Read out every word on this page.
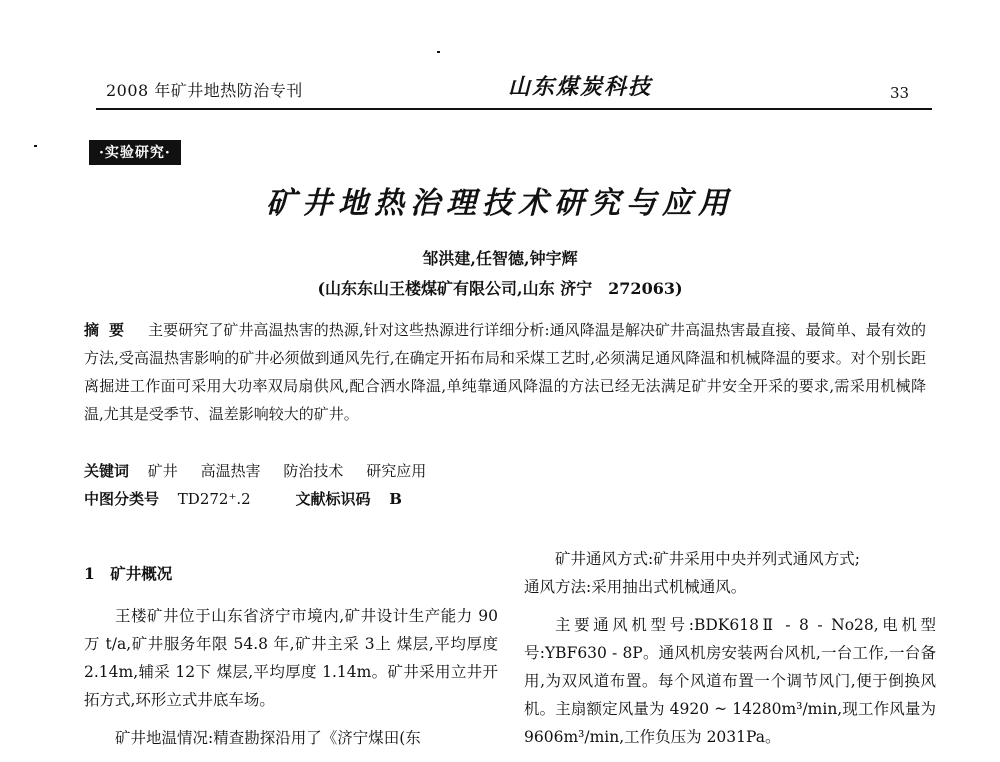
2008 年矿井地热防治专刊	山东煤炭科技	33
·实验研究·
矿井地热治理技术研究与应用
邹洪建,任智德,钟宇辉
(山东东山王楼煤矿有限公司,山东 济宁　272063)
摘要 主要研究了矿井高温热害的热源,针对这些热源进行详细分析:通风降温是解决矿井高温热害最直接、最简单、最有效的方法,受高温热害影响的矿井必须做到通风先行,在确定开拓布局和采煤工艺时,必须满足通风降温和机械降温的要求。对个别长距离掘进工作面可采用大功率双局扇供风,配合洒水降温,单纯靠通风降温的方法已经无法满足矿井安全开采的要求,需采用机械降温,尤其是受季节、温差影响较大的矿井。
关键词 矿井 高温热害 防治技术 研究应用
中图分类号 TD272⁺.2	文献标识码 B
1　矿井概况

王楼矿井位于山东省济宁市境内,矿井设计生产能力 90 万 t/a,矿井服务年限 54.8 年,矿井主采 3上 煤层,平均厚度 2.14m,辅采 12下 煤层,平均厚度 1.14m。矿井采用立井开拓方式,环形立式井底车场。

矿井地温情况:精查勘探沿用了《济宁煤田(东

矿井通风方式:矿井采用中央并列式通风方式;

通风方法:采用抽出式机械通风。

主要通风机型号:BDK618Ⅱ - 8 - No28,电机型号:YBF630 - 8P。通风机房安装两台风机,一台工作,一台备用,为双风道布置。每个风道布置一个调节风门,便于倒换风机。主扇额定风量为 4920 ~ 14280m³/min,现工作风量为 9606m³/min,工作负压为 2031Pa。
